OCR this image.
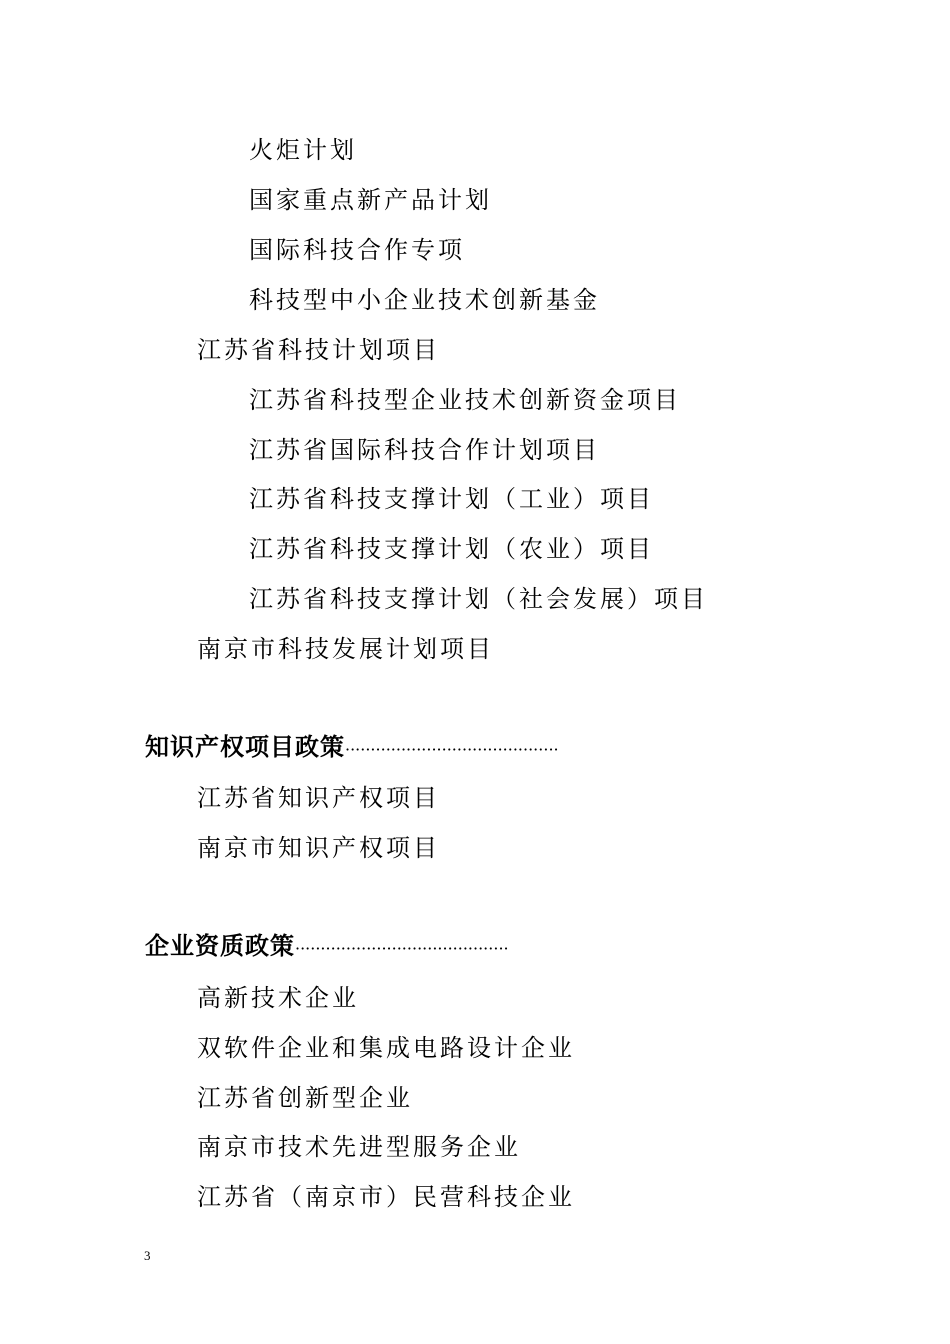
火炬计划
国家重点新产品计划
国际科技合作专项
科技型中小企业技术创新基金
江苏省科技计划项目
江苏省科技型企业技术创新资金项目
江苏省国际科技合作计划项目
江苏省科技支撑计划（工业）项目
江苏省科技支撑计划（农业）项目
江苏省科技支撑计划（社会发展）项目
南京市科技发展计划项目
知识产权项目政策··········································
江苏省知识产权项目
南京市知识产权项目
企业资质政策··········································
高新技术企业
双软件企业和集成电路设计企业
江苏省创新型企业
南京市技术先进型服务企业
江苏省（南京市）民营科技企业
3
